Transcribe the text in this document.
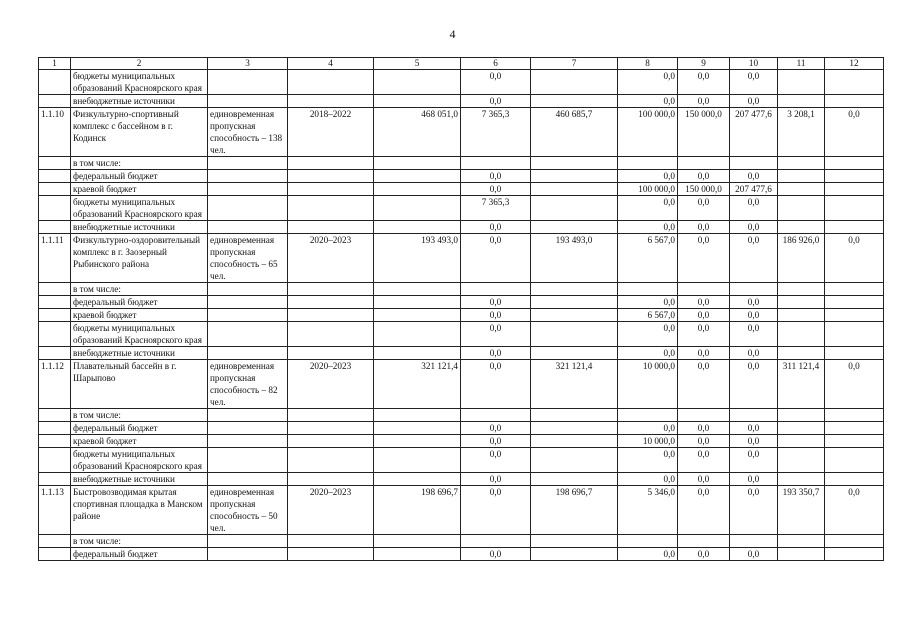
4
1	2	3	4	5	6	7	8	9	10	11	12
	бюджеты муниципальных образований Красноярского края				0,0		0,0	0,0	0,0		
	внебюджетные источники				0,0		0,0	0,0	0,0		
1.1.10	Физкультурно-спортивный комплекс с бассейном в г. Кодинск	единовременная пропускная способность – 138 чел.	2018–2022	468 051,0	7 365,3	460 685,7	100 000,0	150 000,0	207 477,6	3 208,1	0,0
	в том числе:										
	федеральный бюджет				0,0		0,0	0,0	0,0		
	краевой бюджет				0,0		100 000,0	150 000,0	207 477,6		
	бюджеты муниципальных образований Красноярского края				7 365,3		0,0	0,0	0,0		
	внебюджетные источники				0,0		0,0	0,0	0,0		
1.1.11	Физкультурно-оздоровительный комплекс в г. Заозерный Рыбинского района	единовременная пропускная способность – 65 чел.	2020–2023	193 493,0	0,0	193 493,0	6 567,0	0,0	0,0	186 926,0	0,0
	в том числе:										
	федеральный бюджет				0,0		0,0	0,0	0,0		
	краевой бюджет				0,0		6 567,0	0,0	0,0		
	бюджеты муниципальных образований Красноярского края				0,0		0,0	0,0	0,0		
	внебюджетные источники				0,0		0,0	0,0	0,0		
1.1.12	Плавательный бассейн в г. Шарыпово	единовременная пропускная способность – 82 чел.	2020–2023	321 121,4	0,0	321 121,4	10 000,0	0,0	0,0	311 121,4	0,0
	в том числе:										
	федеральный бюджет				0,0		0,0	0,0	0,0		
	краевой бюджет				0,0		10 000,0	0,0	0,0		
	бюджеты муниципальных образований Красноярского края				0,0		0,0	0,0	0,0		
	внебюджетные источники				0,0		0,0	0,0	0,0		
1.1.13	Быстровозводимая крытая спортивная площадка в Манском районе	единовременная пропускная способность – 50 чел.	2020–2023	198 696,7	0,0	198 696,7	5 346,0	0,0	0,0	193 350,7	0,0
	в том числе:										
	федеральный бюджет				0,0		0,0	0,0	0,0		
